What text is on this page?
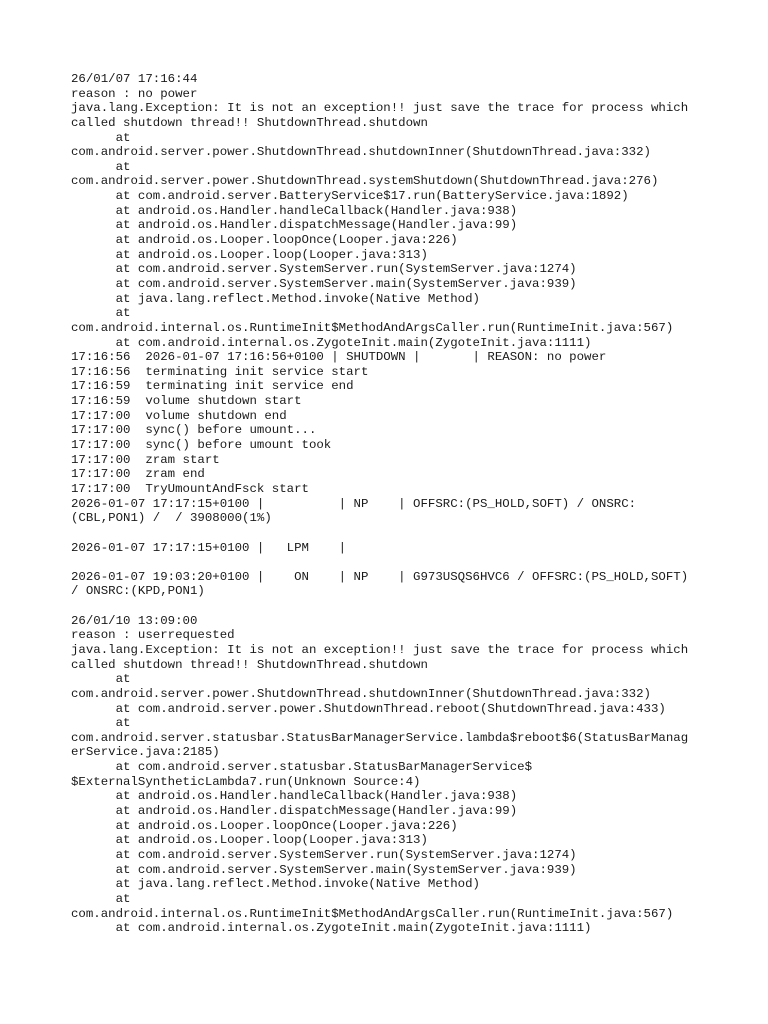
26/01/07 17:16:44
reason : no power
java.lang.Exception: It is not an exception!! just save the trace for process which
called shutdown thread!! ShutdownThread.shutdown
at
com.android.server.power.ShutdownThread.shutdownInner(ShutdownThread.java:332)
at
com.android.server.power.ShutdownThread.systemShutdown(ShutdownThread.java:276)
at com.android.server.BatteryService$17.run(BatteryService.java:1892)
at android.os.Handler.handleCallback(Handler.java:938)
at android.os.Handler.dispatchMessage(Handler.java:99)
at android.os.Looper.loopOnce(Looper.java:226)
at android.os.Looper.loop(Looper.java:313)
at com.android.server.SystemServer.run(SystemServer.java:1274)
at com.android.server.SystemServer.main(SystemServer.java:939)
at java.lang.reflect.Method.invoke(Native Method)
at
com.android.internal.os.RuntimeInit$MethodAndArgsCaller.run(RuntimeInit.java:567)
at com.android.internal.os.ZygoteInit.main(ZygoteInit.java:1111)
17:16:56  2026-01-07 17:16:56+0100 | SHUTDOWN |       | REASON: no power
17:16:56  terminating init service start
17:16:59  terminating init service end
17:16:59  volume shutdown start
17:17:00  volume shutdown end
17:17:00  sync() before umount...
17:17:00  sync() before umount took
17:17:00  zram start
17:17:00  zram end
17:17:00  TryUmountAndFsck start
2026-01-07 17:17:15+0100 |          | NP    | OFFSRC:(PS_HOLD,SOFT) / ONSRC:
(CBL,PON1) /  / 3908000(1%)
2026-01-07 17:17:15+0100 |   LPM    |
2026-01-07 19:03:20+0100 |    ON    | NP    | G973USQS6HVC6 / OFFSRC:(PS_HOLD,SOFT)
/ ONSRC:(KPD,PON1)
26/01/10 13:09:00
reason : userrequested
java.lang.Exception: It is not an exception!! just save the trace for process which
called shutdown thread!! ShutdownThread.shutdown
at
com.android.server.power.ShutdownThread.shutdownInner(ShutdownThread.java:332)
at com.android.server.power.ShutdownThread.reboot(ShutdownThread.java:433)
at
com.android.server.statusbar.StatusBarManagerService.lambda$reboot$6(StatusBarManag
erService.java:2185)
at com.android.server.statusbar.StatusBarManagerService$
$ExternalSyntheticLambda7.run(Unknown Source:4)
at android.os.Handler.handleCallback(Handler.java:938)
at android.os.Handler.dispatchMessage(Handler.java:99)
at android.os.Looper.loopOnce(Looper.java:226)
at android.os.Looper.loop(Looper.java:313)
at com.android.server.SystemServer.run(SystemServer.java:1274)
at com.android.server.SystemServer.main(SystemServer.java:939)
at java.lang.reflect.Method.invoke(Native Method)
at
com.android.internal.os.RuntimeInit$MethodAndArgsCaller.run(RuntimeInit.java:567)
at com.android.internal.os.ZygoteInit.main(ZygoteInit.java:1111)
